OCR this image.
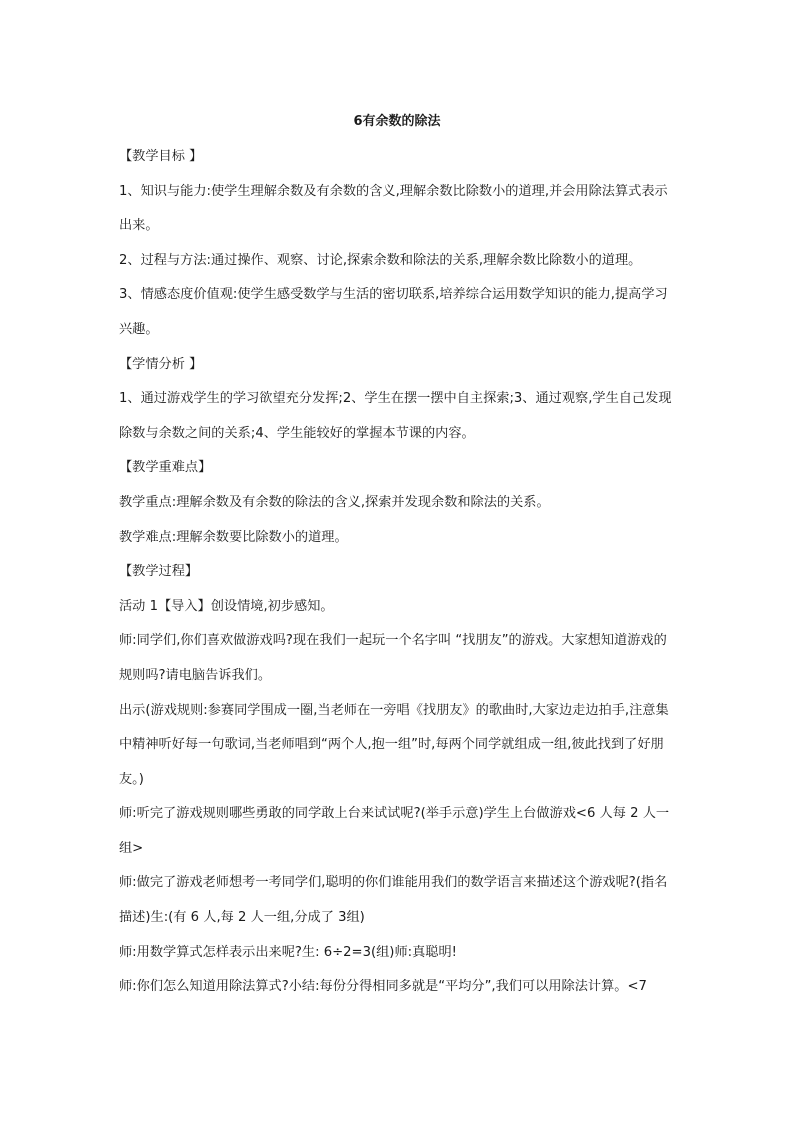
6有余数的除法

【教学目标 】

1、知识与能力:使学生理解余数及有余数的含义,理解余数比除数小的道理,并会用除法算式表示出来。

2、过程与方法:通过操作、观察、讨论,探索余数和除法的关系,理解余数比除数小的道理。

3、情感态度价值观:使学生感受数学与生活的密切联系,培养综合运用数学知识的能力,提高学习兴趣。

【学情分析 】

1、通过游戏学生的学习欲望充分发挥;2、学生在摆一摆中自主探索;3、通过观察,学生自己发现除数与余数之间的关系;4、学生能较好的掌握本节课的内容。

【教学重难点】

教学重点:理解余数及有余数的除法的含义,探索并发现余数和除法的关系。

教学难点:理解余数要比除数小的道理。

【教学过程】

活动 1【导入】创设情境,初步感知。

师:同学们,你们喜欢做游戏吗?现在我们一起玩一个名字叫 “找朋友”的游戏。大家想知道游戏的规则吗?请电脑告诉我们。

出示(游戏规则:参赛同学围成一圈,当老师在一旁唱《找朋友》的歌曲时,大家边走边拍手,注意集中精神听好每一句歌词,当老师唱到“两个人,抱一组”时,每两个同学就组成一组,彼此找到了好朋友。)

师:听完了游戏规则哪些勇敢的同学敢上台来试试呢?(举手示意)学生上台做游戏<6 人每 2 人一组>

师:做完了游戏老师想考一考同学们,聪明的你们谁能用我们的数学语言来描述这个游戏呢?(指名描述)生:(有 6 人,每 2 人一组,分成了 3组)

师:用数学算式怎样表示出来呢?生: 6÷2=3(组)师:真聪明!

师:你们怎么知道用除法算式?小结:每份分得相同多就是“平均分”,我们可以用除法计算。<7
